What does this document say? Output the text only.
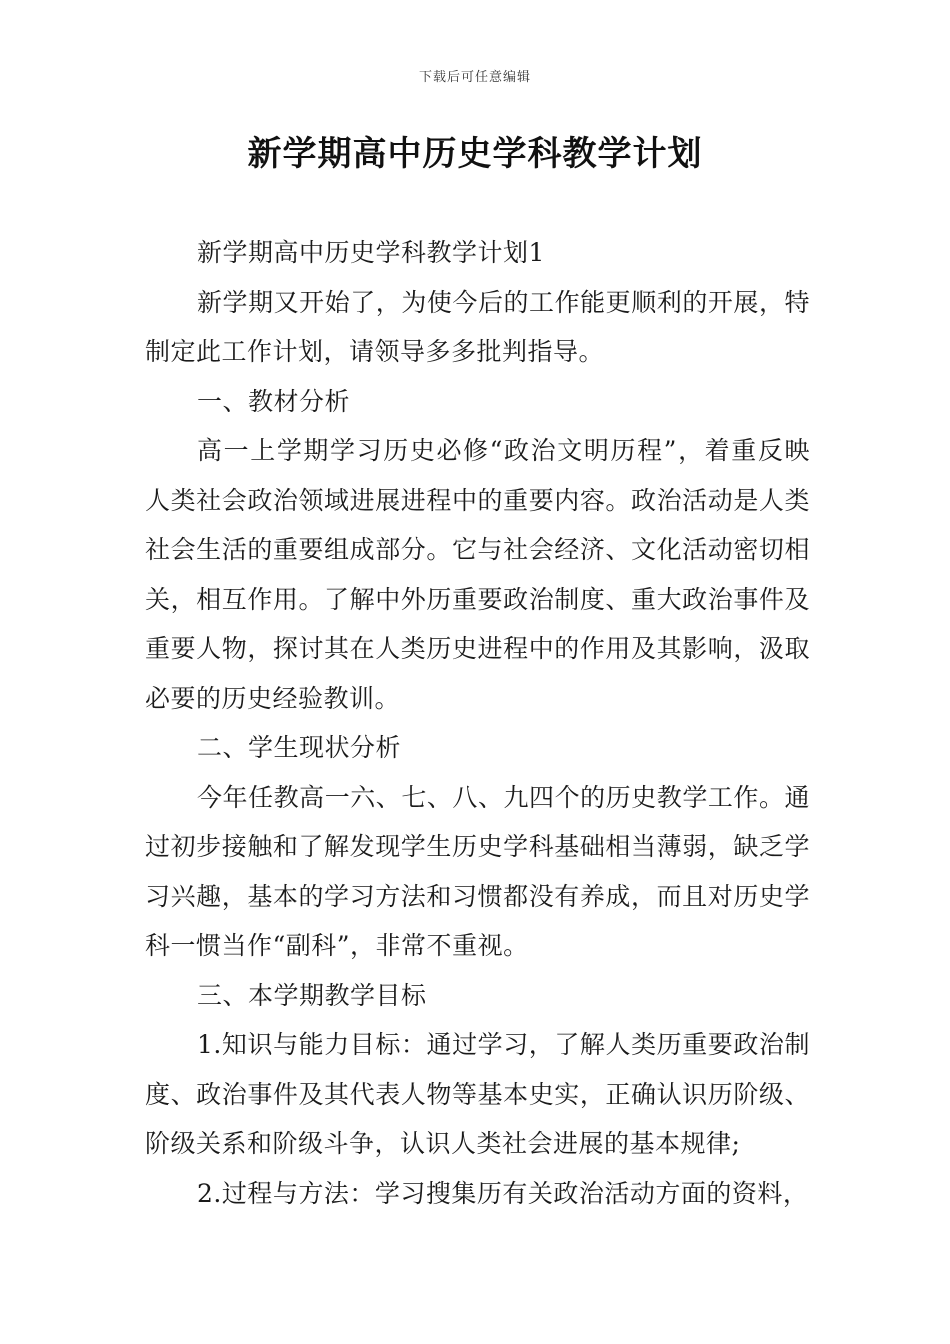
下载后可任意编辑
新学期高中历史学科教学计划

新学期高中历史学科教学计划1

新学期又开始了，为使今后的工作能更顺利的开展，特制定此工作计划，请领导多多批判指导。

一、教材分析

高一上学期学习历史必修“政治文明历程”，着重反映人类社会政治领域进展进程中的重要内容。政治活动是人类社会生活的重要组成部分。它与社会经济、文化活动密切相关，相互作用。了解中外历重要政治制度、重大政治事件及重要人物，探讨其在人类历史进程中的作用及其影响，汲取必要的历史经验教训。

二、学生现状分析

今年任教高一六、七、八、九四个的历史教学工作。通过初步接触和了解发现学生历史学科基础相当薄弱，缺乏学习兴趣，基本的学习方法和习惯都没有养成，而且对历史学科一惯当作“副科”，非常不重视。

三、本学期教学目标

1.知识与能力目标：通过学习，了解人类历重要政治制度、政治事件及其代表人物等基本史实，正确认识历阶级、阶级关系和阶级斗争，认识人类社会进展的基本规律;

2.过程与方法：学习搜集历有关政治活动方面的资料，
